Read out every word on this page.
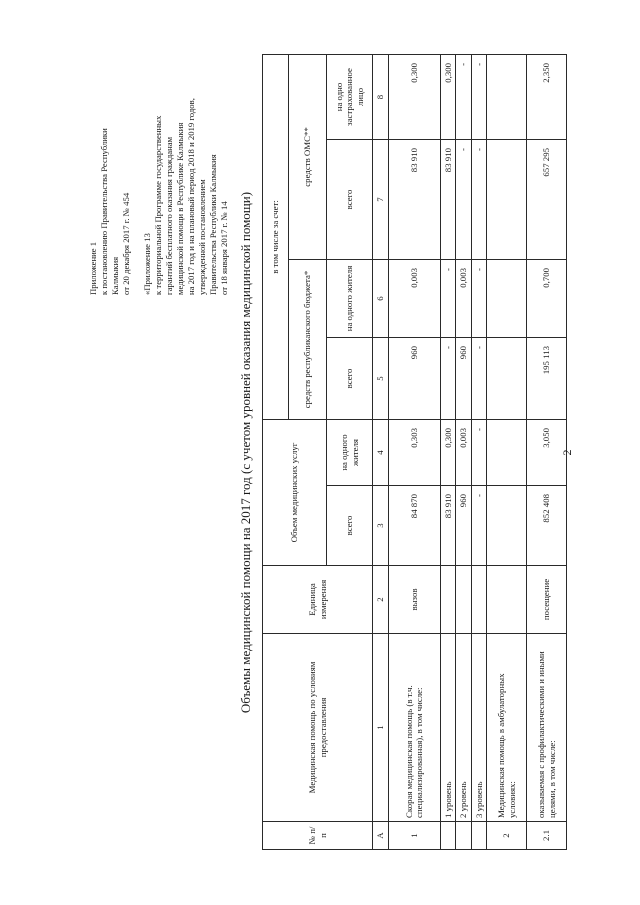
Приложение 1 к постановлению Правительства Республики Калмыкия от 20 декабря 2017 г. № 454 «Приложение 13 к территориальной Программе государственных гарантий бесплатного оказания гражданам медицинской помощи в Республике Калмыкия на 2017 год и на плановый период 2018 и 2019 годов, утвержденной постановлением Правительства Республики Калмыкия от 18 января 2017 г. № 14 Объемы медицинской помощи на 2017 год (с учетом уровней оказания медицинской помощи)
№ п/п	Медицинская помощь по условиям предоставления	Единица измерения	Объем медицинских услуг		в том числе за счет:			
					средств республиканского бюджета*		средств ОМС**	
			всего	на одного жителя	всего	на одного жителя	всего	на одно застрахованное лицо
А	1	2	3	4	5	6	7	8
1	Скорая медицинская помощь (в т.ч. специализированная), в том числе:	вызов	84 870	0,303	960	0,003	83 910	0,300
	1 уровень		83 910	0,300	-	-	83 910	0,300
	2 уровень		960	0,003	960	0,003	-	-
	3 уровень		-	-	-	-	-	-
2	Медицинская помощь в амбулаторных условиях:							
2.1	оказываемая с профилактическими и иными целями, в том числе:	посещение	852 408	3,050	195 113	0,700	657 295	2,350
2
